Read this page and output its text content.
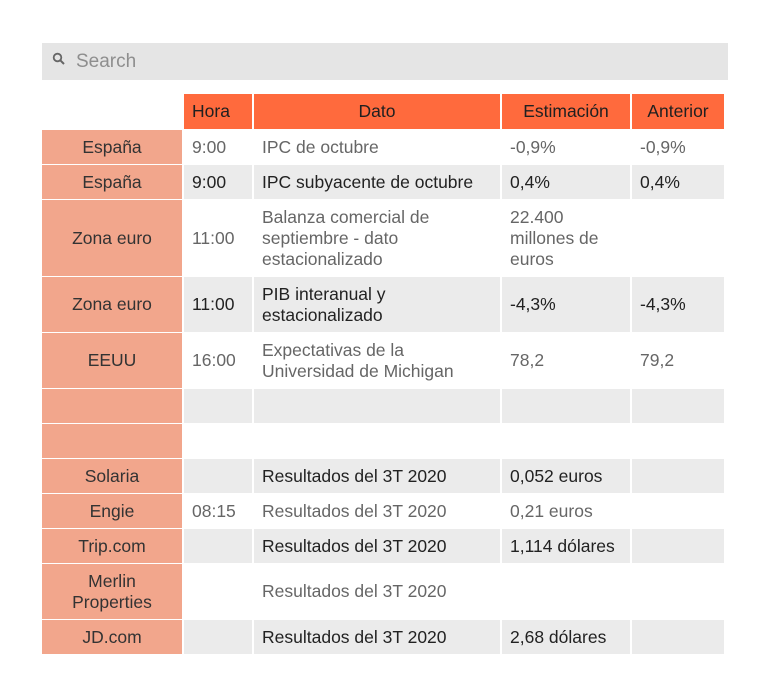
Search
	Hora	Dato	Estimación	Anterior
España	9:00	IPC de octubre	-0,9%	-0,9%
España	9:00	IPC subyacente de octubre	0,4%	0,4%
Zona euro	11:00	Balanza comercial de septiembre - dato estacionalizado	22.400 millones de euros	
Zona euro	11:00	PIB interanual y estacionalizado	-4,3%	-4,3%
EEUU	16:00	Expectativas de la Universidad de Michigan	78,2	79,2

Solaria		Resultados del 3T 2020	0,052 euros	
Engie	08:15	Resultados del 3T 2020	0,21 euros	
Trip.com		Resultados del 3T 2020	1,114 dólares	
Merlin Properties		Resultados del 3T 2020		
JD.com		Resultados del 3T 2020	2,68 dólares	
